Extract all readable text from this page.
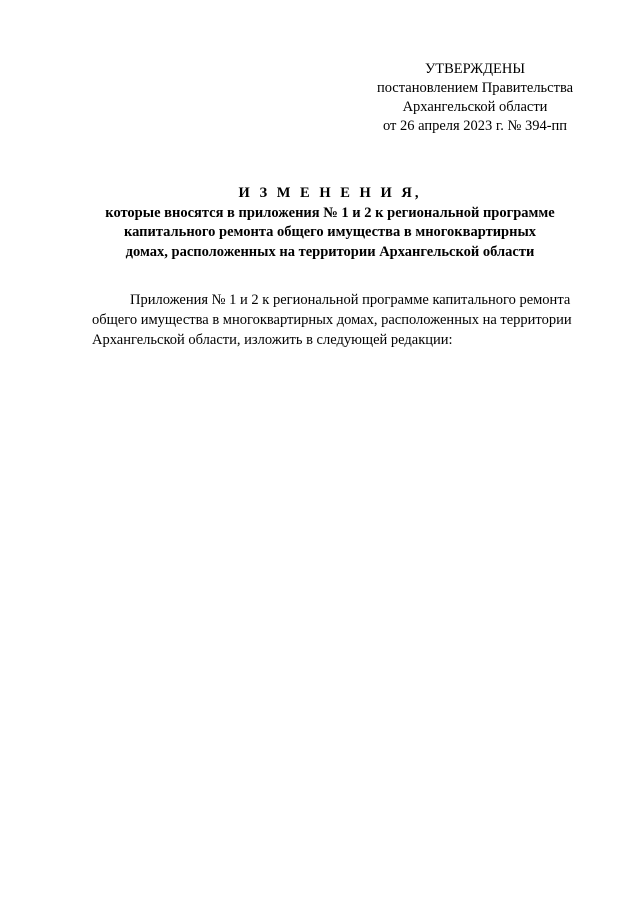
УТВЕРЖДЕНЫ
постановлением Правительства
Архангельской области
от 26 апреля 2023 г. № 394-пп
И З М Е Н Е Н И Я,
которые вносятся в приложения № 1 и 2 к региональной программе
капитального ремонта общего имущества в многоквартирных
домах, расположенных на территории Архангельской области
Приложения № 1 и 2 к региональной программе капитального ремонта
общего имущества в многоквартирных домах, расположенных на территории
Архангельской области, изложить в следующей редакции:
